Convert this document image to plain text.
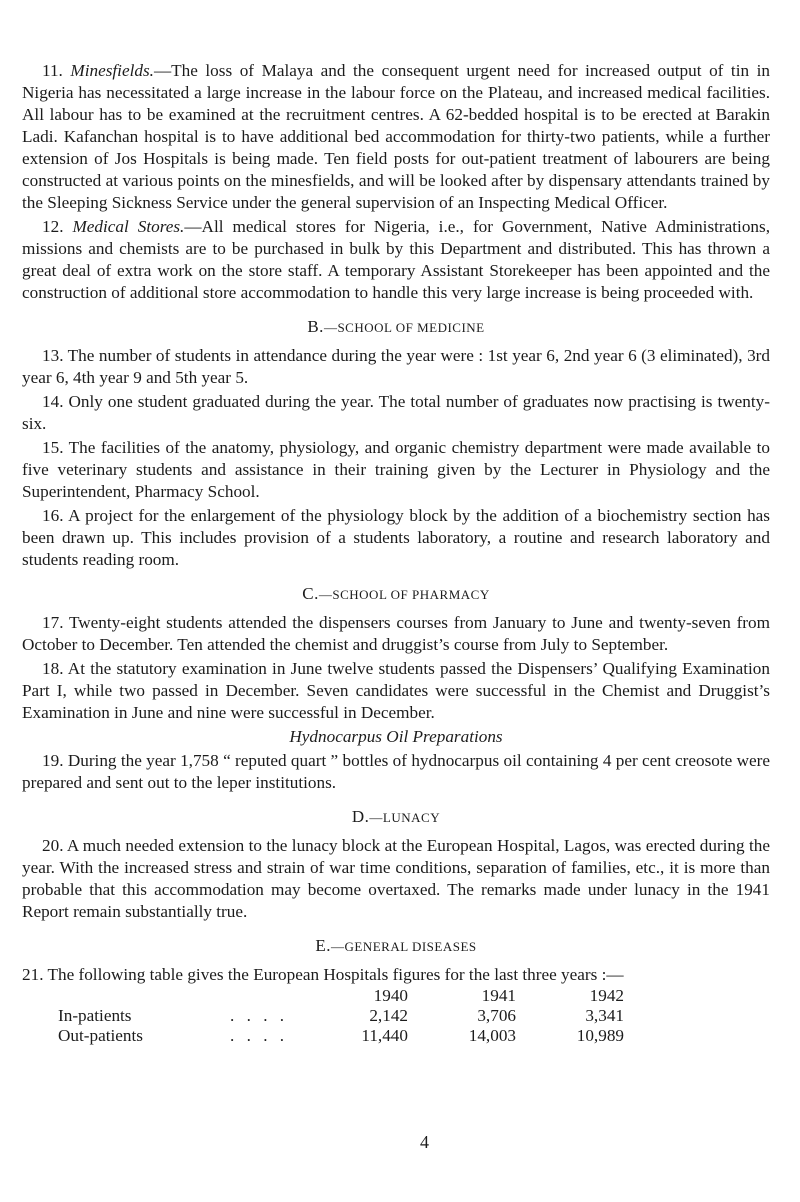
11. Minesfields.—The loss of Malaya and the consequent urgent need for increased output of tin in Nigeria has necessitated a large increase in the labour force on the Plateau, and increased medical facilities. All labour has to be examined at the recruitment centres. A 62-bedded hospital is to be erected at Barakin Ladi. Kafanchan hospital is to have additional bed accommodation for thirty-two patients, while a further extension of Jos Hospitals is being made. Ten field posts for out-patient treatment of labourers are being constructed at various points on the minesfields, and will be looked after by dispensary attendants trained by the Sleeping Sickness Service under the general supervision of an Inspecting Medical Officer.

12. Medical Stores.—All medical stores for Nigeria, i.e., for Government, Native Administrations, missions and chemists are to be purchased in bulk by this Department and distributed. This has thrown a great deal of extra work on the store staff. A temporary Assistant Storekeeper has been appointed and the construction of additional store accommodation to handle this very large increase is being proceeded with.

B.—SCHOOL OF MEDICINE

13. The number of students in attendance during the year were : 1st year 6, 2nd year 6 (3 eliminated), 3rd year 6, 4th year 9 and 5th year 5.

14. Only one student graduated during the year. The total number of graduates now practising is twenty-six.

15. The facilities of the anatomy, physiology, and organic chemistry department were made available to five veterinary students and assistance in their training given by the Lecturer in Physiology and the Superintendent, Pharmacy School.

16. A project for the enlargement of the physiology block by the addition of a biochemistry section has been drawn up. This includes provision of a students laboratory, a routine and research laboratory and students reading room.

C.—SCHOOL OF PHARMACY

17. Twenty-eight students attended the dispensers courses from January to June and twenty-seven from October to December. Ten attended the chemist and druggist’s course from July to September.

18. At the statutory examination in June twelve students passed the Dispensers’ Qualifying Examination Part I, while two passed in December. Seven candidates were successful in the Chemist and Druggist’s Examination in June and nine were successful in December.

Hydnocarpus Oil Preparations

19. During the year 1,758 “ reputed quart ” bottles of hydnocarpus oil containing 4 per cent creosote were prepared and sent out to the leper institutions.

D.—LUNACY

20. A much needed extension to the lunacy block at the European Hospital, Lagos, was erected during the year. With the increased stress and strain of war time conditions, separation of families, etc., it is more than probable that this accommodation may become overtaxed. The remarks made under lunacy in the 1941 Report remain substantially true.

E.—GENERAL DISEASES

21. The following table gives the European Hospitals figures for the last three years :—

		1940	1941	1942
In-patients	. . . .	2,142	3,706	3,341
Out-patients	. . . .	11,440	14,003	10,989
4
